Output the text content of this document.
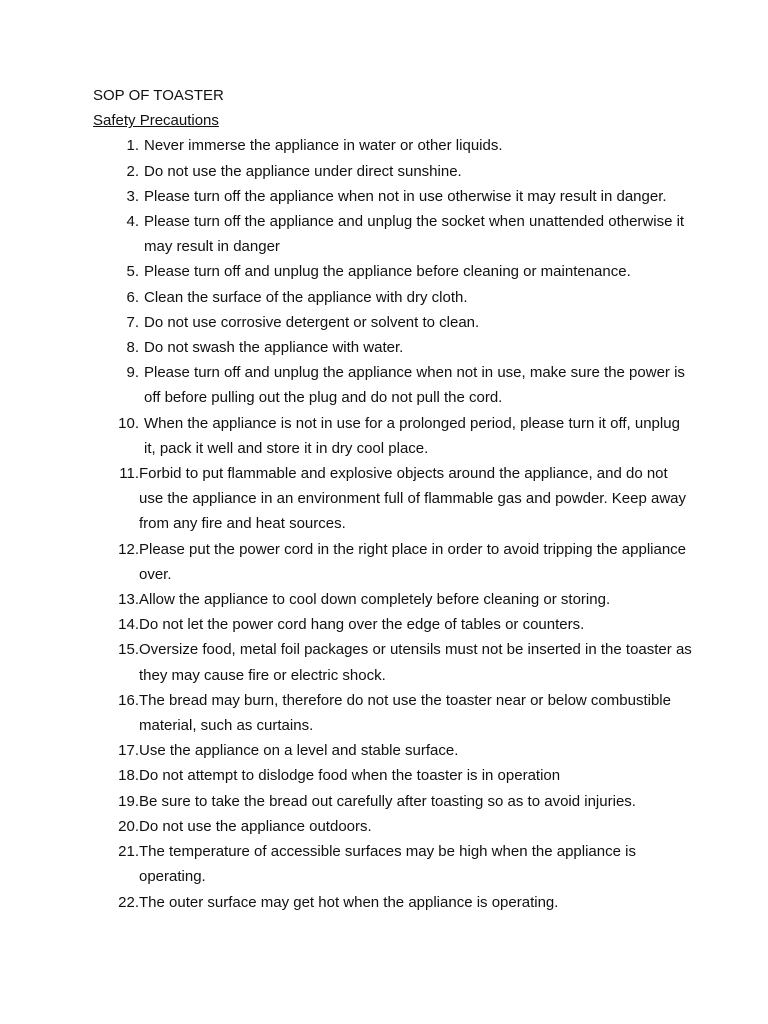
SOP OF TOASTER

Safety Precautions

1. Never immerse the appliance in water or other liquids.
2. Do not use the appliance under direct sunshine.
3. Please turn off the appliance when not in use otherwise it may result in danger.
4. Please turn off the appliance and unplug the socket when unattended otherwise it may result in danger
5. Please turn off and unplug the appliance before cleaning or maintenance.
6. Clean the surface of the appliance with dry cloth.
7. Do not use corrosive detergent or solvent to clean.
8. Do not swash the appliance with water.
9. Please turn off and unplug the appliance when not in use, make sure the power is off before pulling out the plug and do not pull the cord.
10. When the appliance is not in use for a prolonged period, please turn it off, unplug it, pack it well and store it in dry cool place.
11. Forbid to put flammable and explosive objects around the appliance, and do not use the appliance in an environment full of flammable gas and powder. Keep away from any fire and heat sources.
12. Please put the power cord in the right place in order to avoid tripping the appliance over.
13. Allow the appliance to cool down completely before cleaning or storing.
14. Do not let the power cord hang over the edge of tables or counters.
15. Oversize food, metal foil packages or utensils must not be inserted in the toaster as they may cause fire or electric shock.
16. The bread may burn, therefore do not use the toaster near or below combustible material, such as curtains.
17. Use the appliance on a level and stable surface.
18. Do not attempt to dislodge food when the toaster is in operation
19. Be sure to take the bread out carefully after toasting so as to avoid injuries.
20. Do not use the appliance outdoors.
21. The temperature of accessible surfaces may be high when the appliance is operating.
22. The outer surface may get hot when the appliance is operating.
